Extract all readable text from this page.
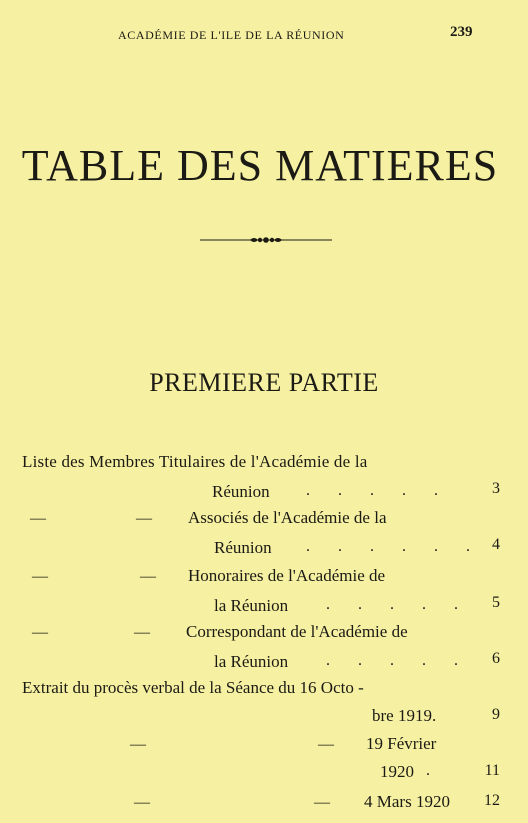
ACADÉMIE DE L'ILE DE LA RÉUNION	239
TABLE DES MATIERES
PREMIERE PARTIE
Liste des Membres Titulaires de l'Académie de la
Réunion . . . . .	3
—	— Associés de l'Académie de la
Réunion . . . . . . 4
—	— Honoraires de l'Académie de
la Réunion . . . . .	5
—	— Correspondant de l'Académie de
la Réunion . . . . .	6
Extrait du procès verbal de la Séance du 16 Octo -
bre 1919.	9
—	— 19 Février
1920 .	11
—	— 4 Mars 1920	12
